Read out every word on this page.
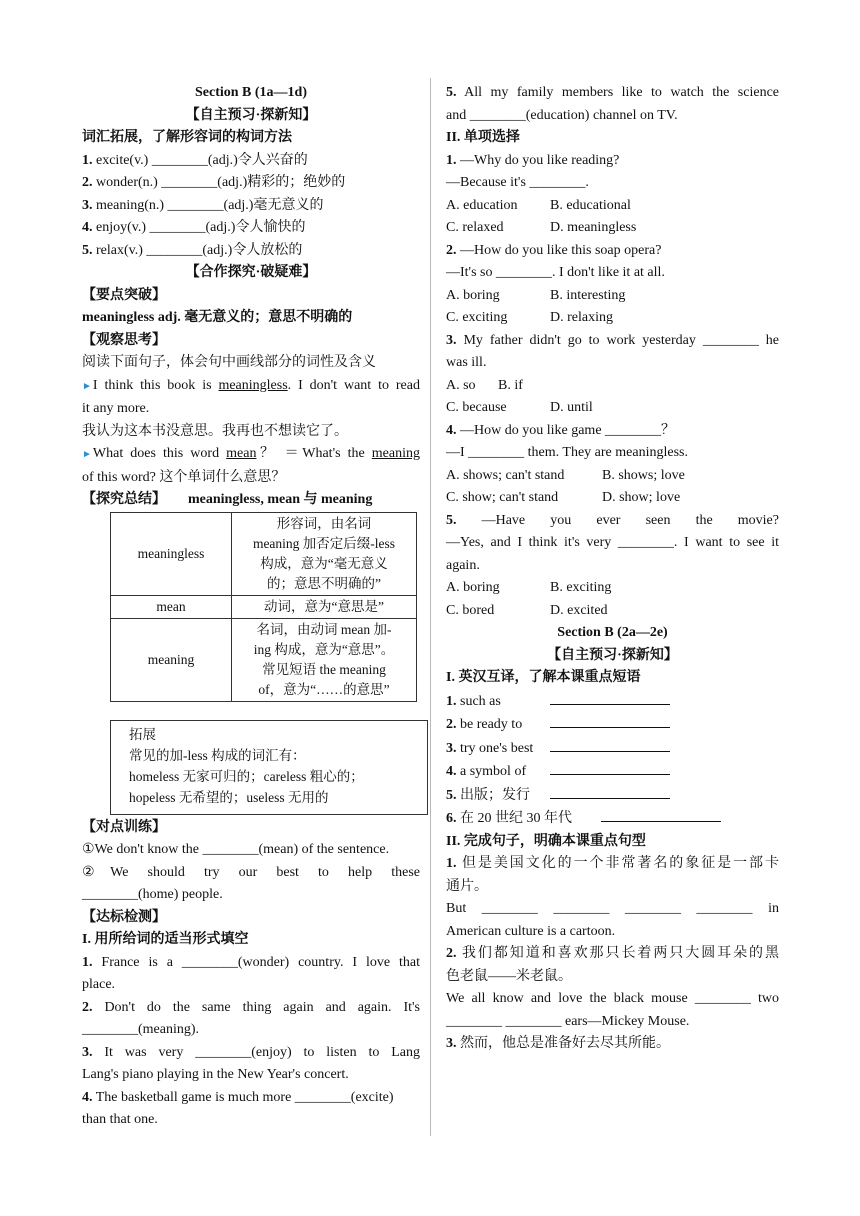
Section B (1a—1d)
【自主预习·探新知】
词汇拓展，了解形容词的构词方法
1. excite(v.) ________(adj.)令人兴奋的
2. wonder(n.) ________(adj.)精彩的；绝妙的
3. meaning(n.) ________(adj.)毫无意义的
4. enjoy(v.) ________(adj.)令人愉快的
5. relax(v.) ________(adj.)令人放松的
【合作探究·破疑难】
【要点突破】
meaningless adj. 毫无意义的；意思不明确的
【观察思考】
阅读下面句子，体会句中画线部分的词性及含义
►I think this book is meaningless. I don't want to read
it any more.
我认为这本书没意思。我再也不想读它了。
►What does this word mean？ ＝What's the meaning
of this word? 这个单词什么意思？
【探究总结】 meaningless, mean 与 meaning
meaningless	形容词，由名词
meaning 加否定后缀-less
构成，意为“毫无意义
的；意思不明确的”

mean	动词，意为“意思是”

meaning	名词，由动词 mean 加-
ing 构成，意为“意思”。
常见短语 the meaning
of，意为“……的意思”
拓展
常见的加-less 构成的词汇有：
homeless 无家可归的；careless 粗心的；
hopeless 无希望的；useless 无用的
【对点训练】
①We don't know the ________(mean) of the sentence.
②We should try our best to help these
________(home) people.
【达标检测】
I. 用所给词的适当形式填空
1. France is a ________(wonder) country. I love that
place.
2. Don't do the same thing again and again. It's
________(meaning).
3. It was very ________(enjoy) to listen to Lang
Lang's piano playing in the New Year's concert.
4. The basketball game is much more ________(excite)
than that one.
5. All my family members like to watch the science
and ________(education) channel on TV.
II. 单项选择
1. —Why do you like reading?
—Because it's ________.
A. education B. educational
C. relaxed	D. meaningless
2. —How do you like this soap opera?
—It's so ________. I don't like it at all.
A. boring	B. interesting
C. exciting	D. relaxing
3. My father didn't go to work yesterday ________ he
was ill.
A. so B. if
C. because	D. until
4. —How do you like game ________？
—I ________ them. They are meaningless.
A. shows; can't stand	B. shows; love
C. show; can't stand	D. show; love
5. —Have you ever seen the movie?
—Yes, and I think it's very ________. I want to see it
again.
A. boring	B. exciting
C. bored	D. excited
Section B (2a—2e)
【自主预习·探新知】
I. 英汉互译，了解本课重点短语
1. such as
2. be ready to
3. try one's best
4. a symbol of
5. 出版；发行
6. 在 20 世纪 30 年代
II. 完成句子，明确本课重点句型
1. 但是美国文化的一个非常著名的象征是一部卡
通片。
But ________ ________ ________ ________ in
American culture is a cartoon.
2. 我们都知道和喜欢那只长着两只大圆耳朵的黑
色老鼠——米老鼠。
We all know and love the black mouse ________ two
________ ________ ears—Mickey Mouse.
3. 然而，他总是准备好去尽其所能。
